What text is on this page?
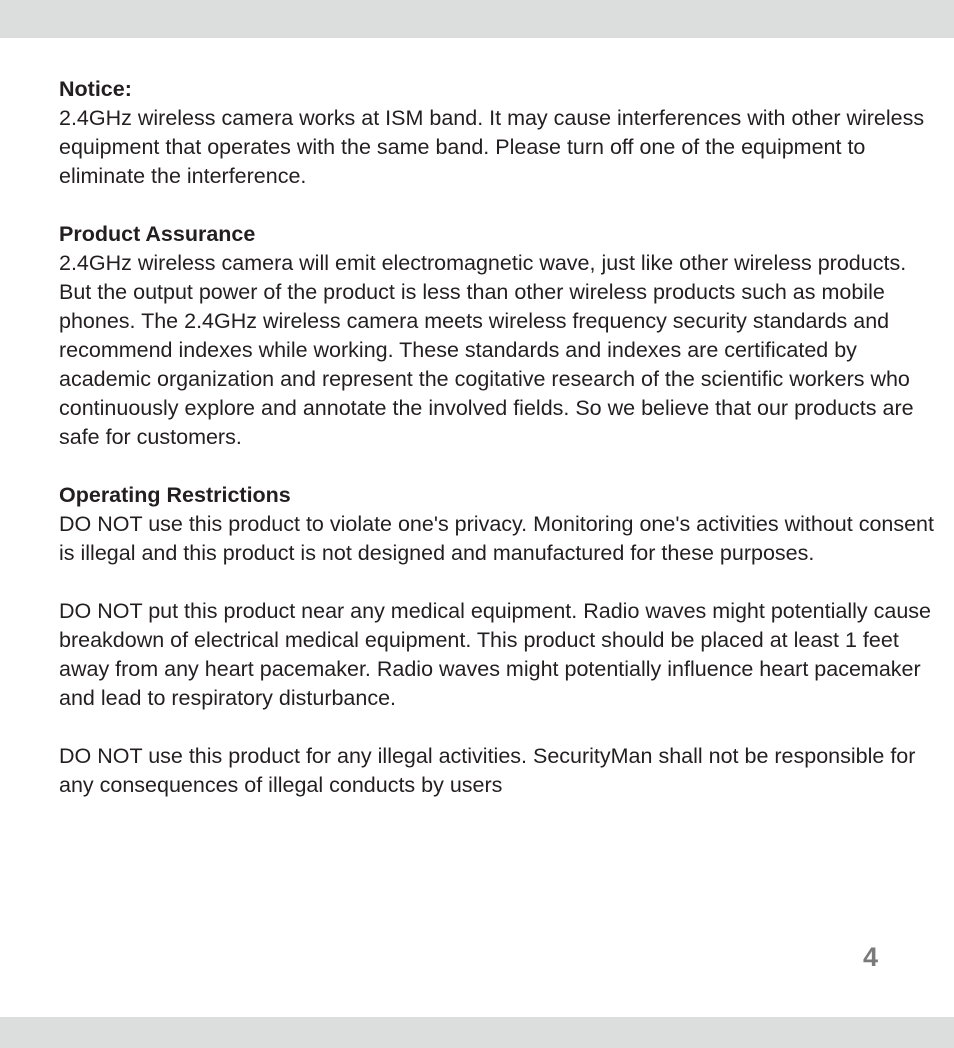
Notice:

2.4GHz wireless camera works at ISM band. It may cause interferences with other wireless equipment that operates with the same band. Please turn off one of the equipment to eliminate the interference.

Product Assurance

2.4GHz wireless camera will emit electromagnetic wave, just like other wireless products. But the output power of the product is less than other wireless products such as mobile phones. The 2.4GHz wireless camera meets wireless frequency security standards and recommend indexes while working. These standards and indexes are certificated by academic organization and represent the cogitative research of the scientific workers who continuously explore and annotate the involved fields. So we believe that our products are safe for customers.

Operating Restrictions

DO NOT use this product to violate one's privacy. Monitoring one's activities without consent is illegal and this product is not designed and manufactured for these purposes.

DO NOT put this product near any medical equipment. Radio waves might potentially cause breakdown of electrical medical equipment. This product should be placed at least 1 feet away from any heart pacemaker. Radio waves might potentially influence heart pacemaker and lead to respiratory disturbance.

DO NOT use this product for any illegal activities. SecurityMan shall not be responsible for any consequences of illegal conducts by users

4
